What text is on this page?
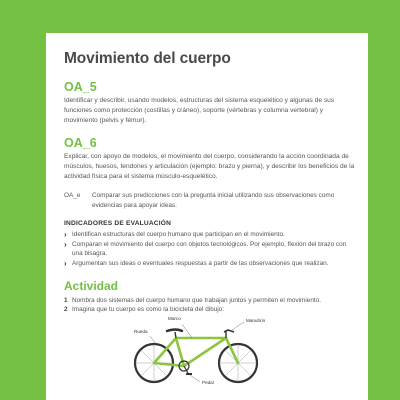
Movimiento del cuerpo
OA_5

Identificar y describir, usando modelos, estructuras del sistema esquelético y algunas de sus funciones como protección (costillas y cráneo), soporte (vértebras y columna vertebral) y movimiento (pelvis y fémur).

OA_6

Explicar, con apoyo de modelos, el movimiento del cuerpo, considerando la acción coordinada de músculos, huesos, tendones y articulación (ejemplo: brazo y pierna), y describir los beneficios de la actividad física para el sistema músculo-esquelético.

OA_e	Comparar sus predicciones con la pregunta inicial utilizando sus observaciones como evidencias para apoyar ideas.
INDICADORES DE EVALUACIÓN
› Identifican estructuras del cuerpo humano que participan en el movimiento.
› Comparan el movimiento del cuerpo con objetos tecnológicos. Por ejemplo, flexión del brazo con una bisagra.
› Argumentan sus ideas o eventuales respuestas a partir de las observaciones que realizan.
Actividad
1 Nombra dos sistemas del cuerpo humano que trabajan juntos y permiten el movimiento.
2 Imagina que tu cuerpo es como la bicicleta del dibujo:
Marco	Manubrio
Rueda
Pedal
